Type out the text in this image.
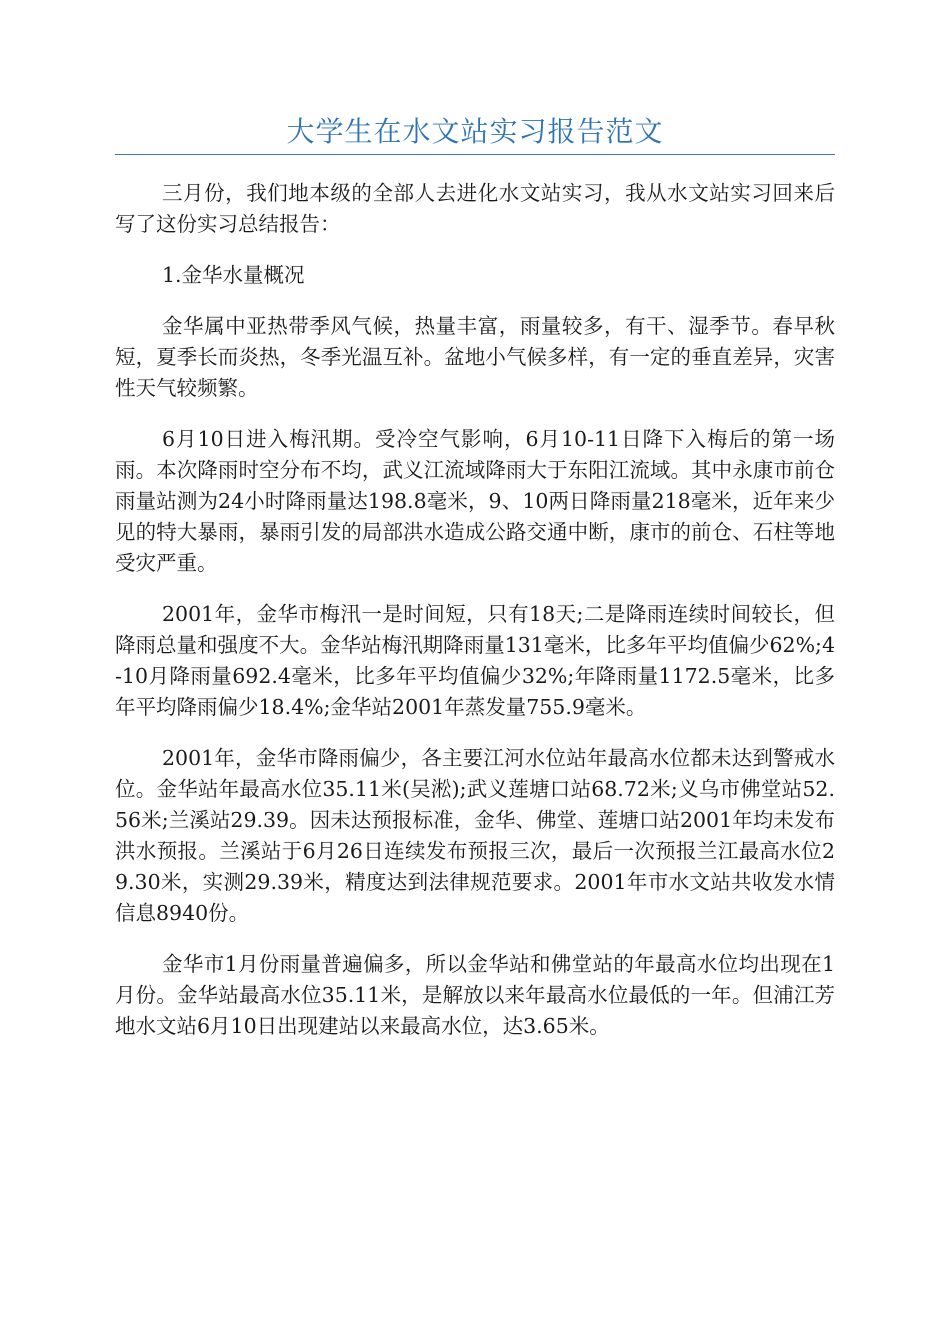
大学生在水文站实习报告范文

三月份，我们地本级的全部人去进化水文站实习，我从水文站实习回来后写了这份实习总结报告：

1.金华水量概况

金华属中亚热带季风气候，热量丰富，雨量较多，有干、湿季节。春早秋短，夏季长而炎热，冬季光温互补。盆地小气候多样，有一定的垂直差异，灾害性天气较频繁。

6月10日进入梅汛期。受冷空气影响，6月10-11日降下入梅后的第一场雨。本次降雨时空分布不均，武义江流域降雨大于东阳江流域。其中永康市前仓雨量站测为24小时降雨量达198.8毫米，9、10两日降雨量218毫米，近年来少见的特大暴雨，暴雨引发的局部洪水造成公路交通中断，康市的前仓、石柱等地受灾严重。

2001年，金华市梅汛一是时间短，只有18天;二是降雨连续时间较长，但降雨总量和强度不大。金华站梅汛期降雨量131毫米，比多年平均值偏少62%;4-10月降雨量692.4毫米，比多年平均值偏少32%;年降雨量1172.5毫米，比多年平均降雨偏少18.4%;金华站2001年蒸发量755.9毫米。

2001年，金华市降雨偏少，各主要江河水位站年最高水位都未达到警戒水位。金华站年最高水位35.11米(吴淞);武义莲塘口站68.72米;义乌市佛堂站52.56米;兰溪站29.39。因未达预报标准，金华、佛堂、莲塘口站2001年均未发布洪水预报。兰溪站于6月26日连续发布预报三次，最后一次预报兰江最高水位29.30米，实测29.39米，精度达到法律规范要求。2001年市水文站共收发水情信息8940份。

金华市1月份雨量普遍偏多，所以金华站和佛堂站的年最高水位均出现在1月份。金华站最高水位35.11米，是解放以来年最高水位最低的一年。但浦江芳地水文站6月10日出现建站以来最高水位，达3.65米。
